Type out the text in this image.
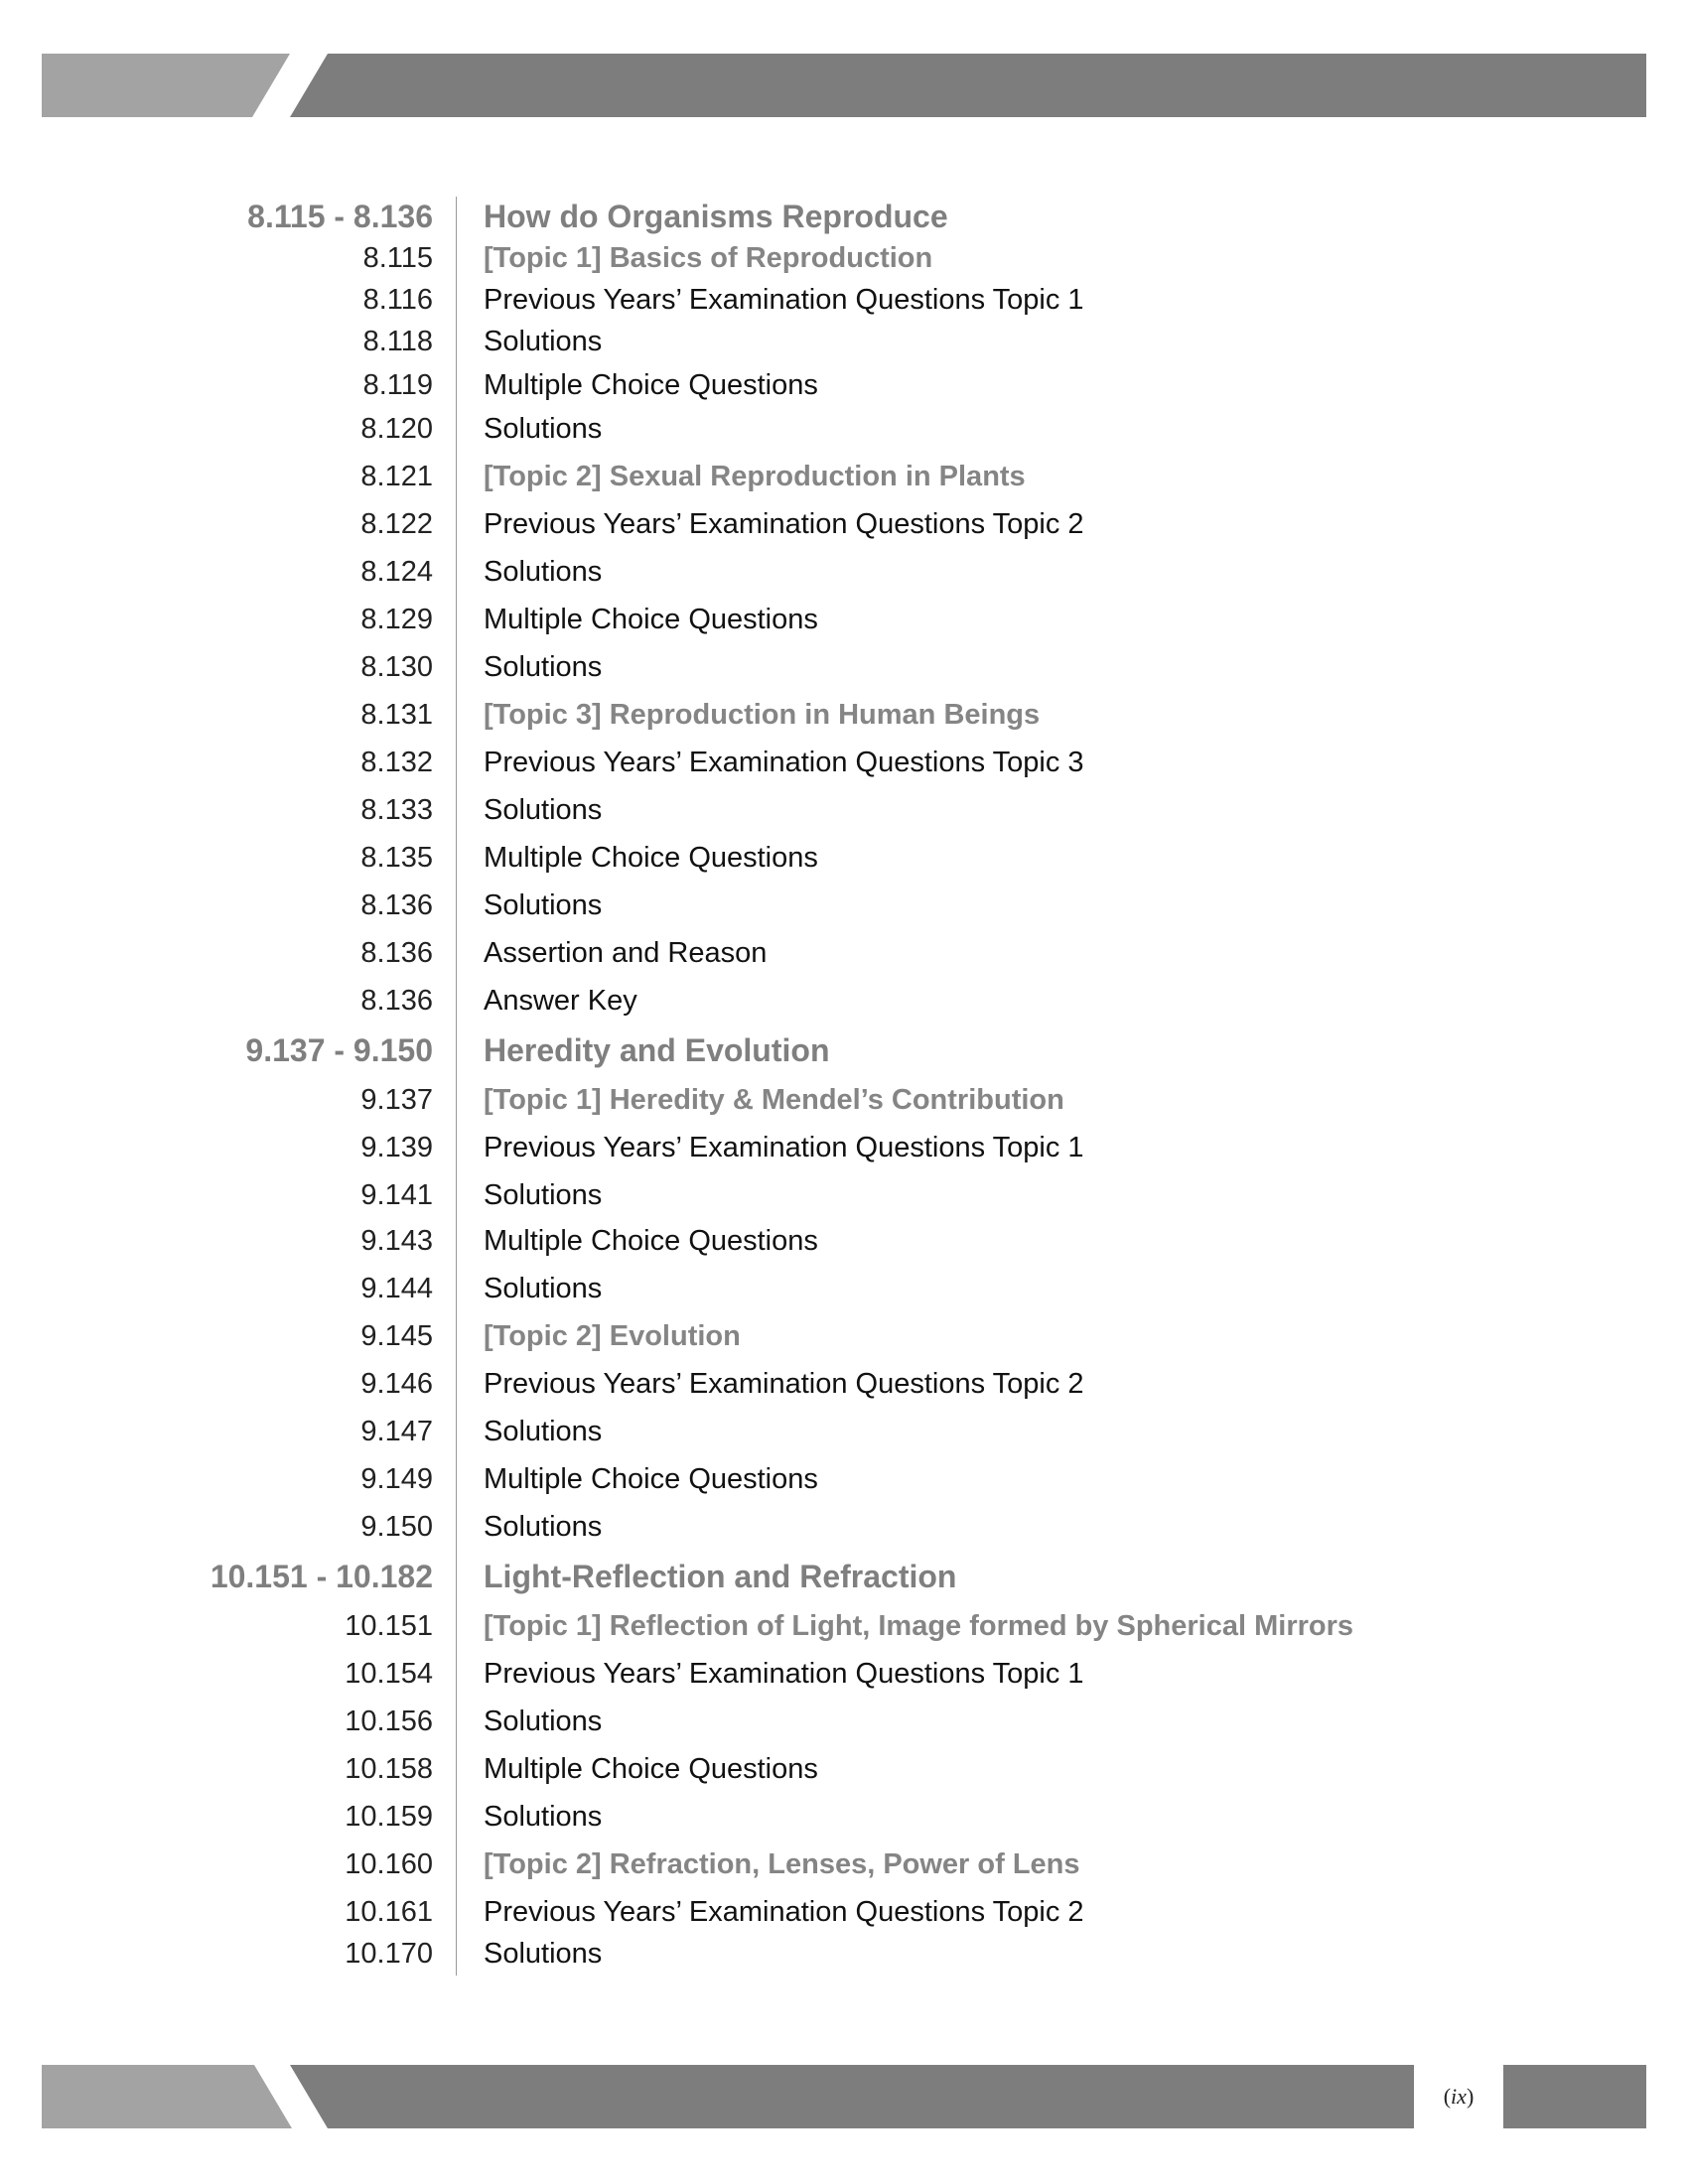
8.115 - 8.136 How do Organisms Reproduce
8.115 [Topic 1] Basics of Reproduction
8.116 Previous Years’ Examination Questions Topic 1
8.118 Solutions
8.119 Multiple Choice Questions
8.120 Solutions
8.121 [Topic 2] Sexual Reproduction in Plants
8.122 Previous Years’ Examination Questions Topic 2
8.124 Solutions
8.129 Multiple Choice Questions
8.130 Solutions
8.131 [Topic 3] Reproduction in Human Beings
8.132 Previous Years’ Examination Questions Topic 3
8.133 Solutions
8.135 Multiple Choice Questions
8.136 Solutions
8.136 Assertion and Reason
8.136 Answer Key
9.137 - 9.150 Heredity and Evolution
9.137 [Topic 1] Heredity & Mendel’s Contribution
9.139 Previous Years’ Examination Questions Topic 1
9.141 Solutions
9.143 Multiple Choice Questions
9.144 Solutions
9.145 [Topic 2] Evolution
9.146 Previous Years’ Examination Questions Topic 2
9.147 Solutions
9.149 Multiple Choice Questions
9.150 Solutions
10.151 - 10.182 Light-Reflection and Refraction
10.151 [Topic 1] Reflection of Light, Image formed by Spherical Mirrors
10.154 Previous Years’ Examination Questions Topic 1
10.156 Solutions
10.158 Multiple Choice Questions
10.159 Solutions
10.160 [Topic 2] Refraction, Lenses, Power of Lens
10.161 Previous Years’ Examination Questions Topic 2
10.170 Solutions
(ix)
